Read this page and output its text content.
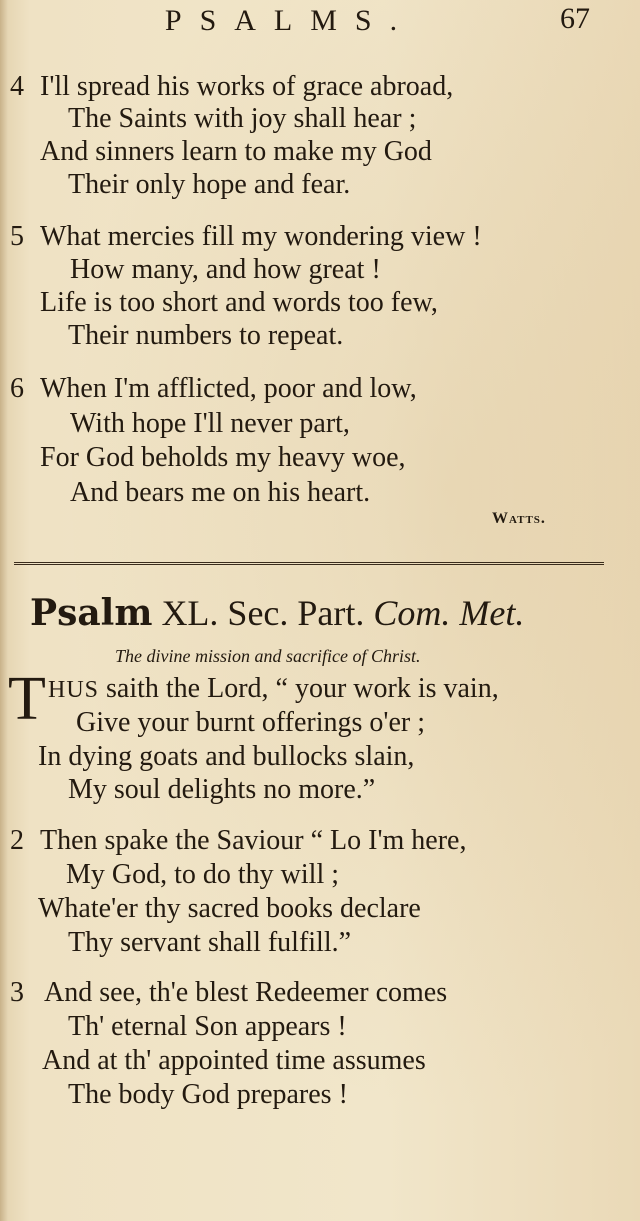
PSALMS.	67
4 I'll spread his works of grace abroad,
The Saints with joy shall hear ;
And sinners learn to make my God
Their only hope and fear.
5 What mercies fill my wondering view !
How many, and how great !
Life is too short and words too few,
Their numbers to repeat.
6 When I'm afflicted, poor and low,
With hope I'll never part,
For God beholds my heavy woe,
And bears me on his heart.
Watts.
Psalm XL. Sec. Part. Com. Met.
The divine mission and sacrifice of Christ.
T HUS saith the Lord, “ your work is vain,
Give your burnt offerings o'er ;
In dying goats and bullocks slain,
My soul delights no more.”
2 Then spake the Saviour “ Lo I'm here,
My God, to do thy will ;
Whate'er thy sacred books declare
Thy servant shall fulfill.”
3 And see, th'e blest Redeemer comes
Th' eternal Son appears !
And at th' appointed time assumes
The body God prepares !
